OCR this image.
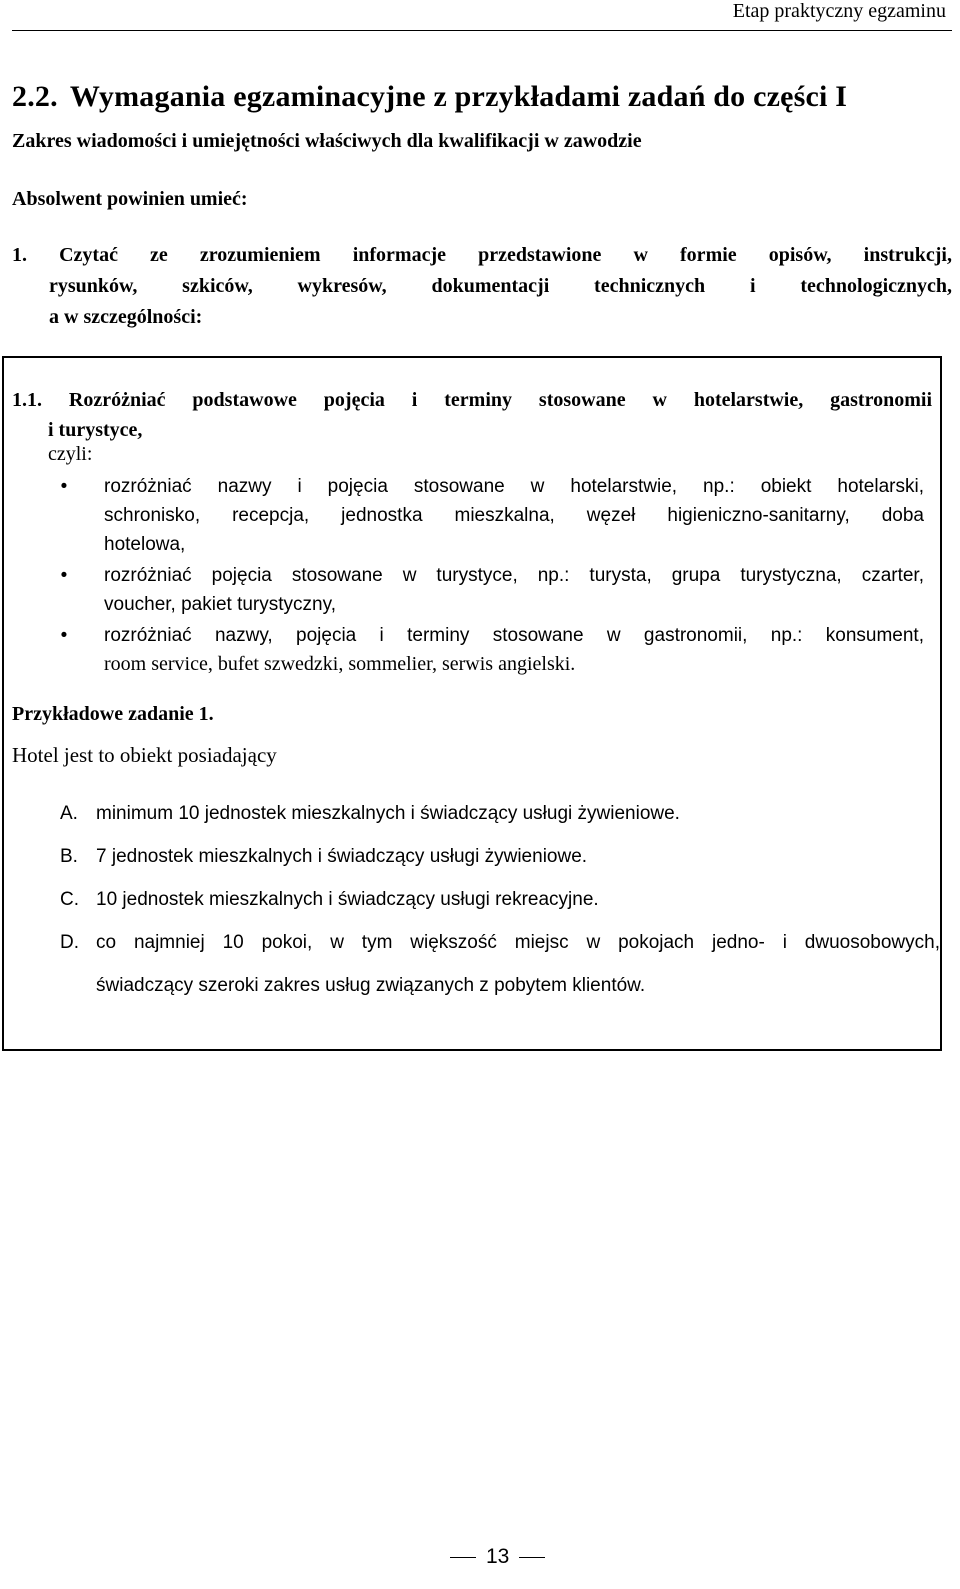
Etap praktyczny egzaminu
2.2. Wymagania egzaminacyjne z przykładami zadań do części I
Zakres wiadomości i umiejętności właściwych dla kwalifikacji w zawodzie
Absolwent powinien umieć:
1. Czytać ze zrozumieniem informacje przedstawione w formie opisów, instrukcji,
rysunków, szkiców, wykresów, dokumentacji technicznych i technologicznych,
a w szczególności:
1.1. Rozróżniać podstawowe pojęcia i terminy stosowane w hotelarstwie, gastronomii
i turystyce,
czyli:
•	rozróżniać nazwy i pojęcia stosowane w hotelarstwie, np.: obiekt hotelarski,
schronisko, recepcja, jednostka mieszkalna, węzeł higieniczno-sanitarny, doba
hotelowa,
•	rozróżniać pojęcia stosowane w turystyce, np.: turysta, grupa turystyczna, czarter,
voucher, pakiet turystyczny,
•	rozróżniać nazwy, pojęcia i terminy stosowane w gastronomii, np.: konsument,
room service, bufet szwedzki, sommelier, serwis angielski.
Przykładowe zadanie 1.
Hotel jest to obiekt posiadający
A. minimum 10 jednostek mieszkalnych i świadczący usługi żywieniowe.
B. 7 jednostek mieszkalnych i świadczący usługi żywieniowe.
C. 10 jednostek mieszkalnych i świadczący usługi rekreacyjne.
D. co najmniej 10 pokoi, w tym większość miejsc w pokojach jedno- i dwuosobowych,
świadczący szeroki zakres usług związanych z pobytem klientów.
13
